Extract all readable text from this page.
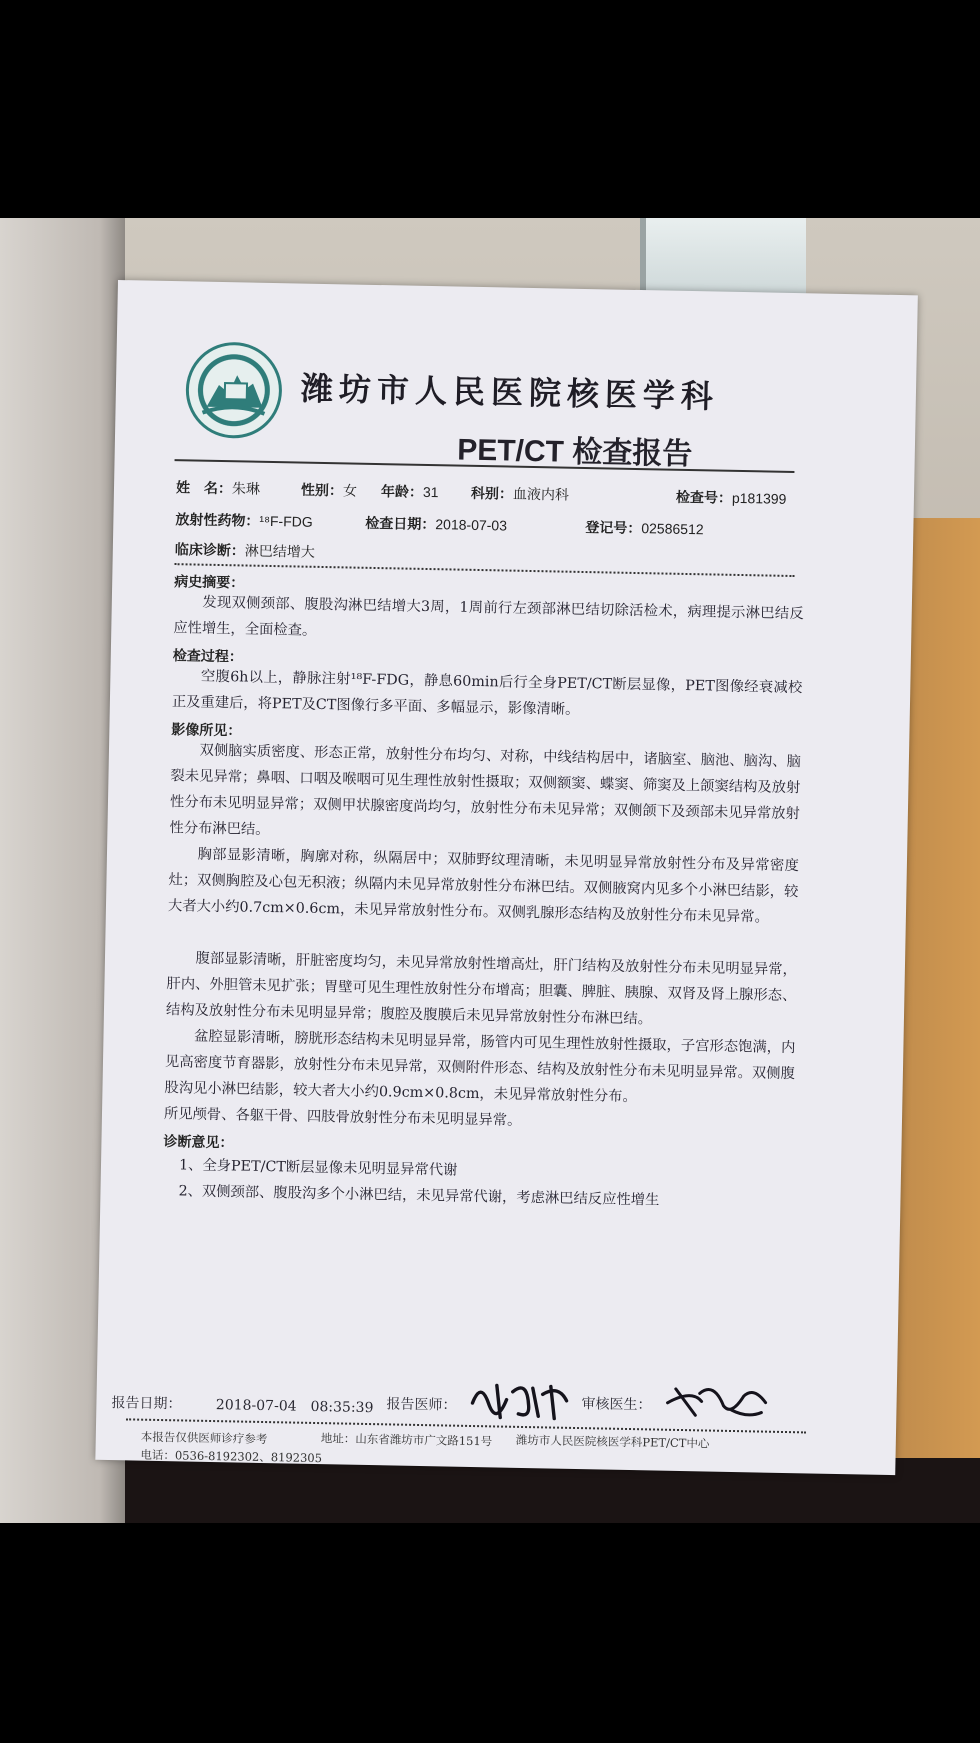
潍坊市人民医院核医学科
PET/CT 检查报告
姓　名：朱琳	性别：女 年龄：31 科别：血液内科	检查号：p181399
放射性药物：¹⁸F-FDG	检查日期：2018-07-03	登记号：02586512
临床诊断：淋巴结增大
病史摘要：
发现双侧颈部、腹股沟淋巴结增大3周，1周前行左颈部淋巴结切除活检术，病理提示淋巴结反应性增生，全面检查。
检查过程：
空腹6h以上，静脉注射¹⁸F-FDG，静息60min后行全身PET/CT断层显像，PET图像经衰减校正及重建后，将PET及CT图像行多平面、多幅显示，影像清晰。
影像所见：
双侧脑实质密度、形态正常，放射性分布均匀、对称，中线结构居中，诸脑室、脑池、脑沟、脑裂未见异常；鼻咽、口咽及喉咽可见生理性放射性摄取；双侧额窦、蝶窦、筛窦及上颌窦结构及放射性分布未见明显异常；双侧甲状腺密度尚均匀，放射性分布未见异常；双侧颌下及颈部未见异常放射性分布淋巴结。
胸部显影清晰，胸廓对称，纵隔居中；双肺野纹理清晰，未见明显异常放射性分布及异常密度灶；双侧胸腔及心包无积液；纵隔内未见异常放射性分布淋巴结。双侧腋窝内见多个小淋巴结影，较大者大小约0.7cm×0.6cm，未见异常放射性分布。双侧乳腺形态结构及放射性分布未见异常。
腹部显影清晰，肝脏密度均匀，未见异常放射性增高灶，肝门结构及放射性分布未见明显异常，肝内、外胆管未见扩张；胃壁可见生理性放射性分布增高；胆囊、脾脏、胰腺、双肾及肾上腺形态、结构及放射性分布未见明显异常；腹腔及腹膜后未见异常放射性分布淋巴结。
盆腔显影清晰，膀胱形态结构未见明显异常，肠管内可见生理性放射性摄取，子宫形态饱满，内见高密度节育器影，放射性分布未见异常，双侧附件形态、结构及放射性分布未见明显异常。双侧腹股沟见小淋巴结影，较大者大小约0.9cm×0.8cm，未见异常放射性分布。
所见颅骨、各躯干骨、四肢骨放射性分布未见明显异常。
诊断意见：
1、全身PET/CT断层显像未见明显异常代谢
2、双侧颈部、腹股沟多个小淋巴结，未见异常代谢，考虑淋巴结反应性增生
报告日期： 2018-07-04　08:35:39 报告医师：	审核医生：
本报告仅供医师诊疗参考	地址：山东省潍坊市广文路151号 潍坊市人民医院核医学科PET/CT中心
电话：0536-8192302、8192305
